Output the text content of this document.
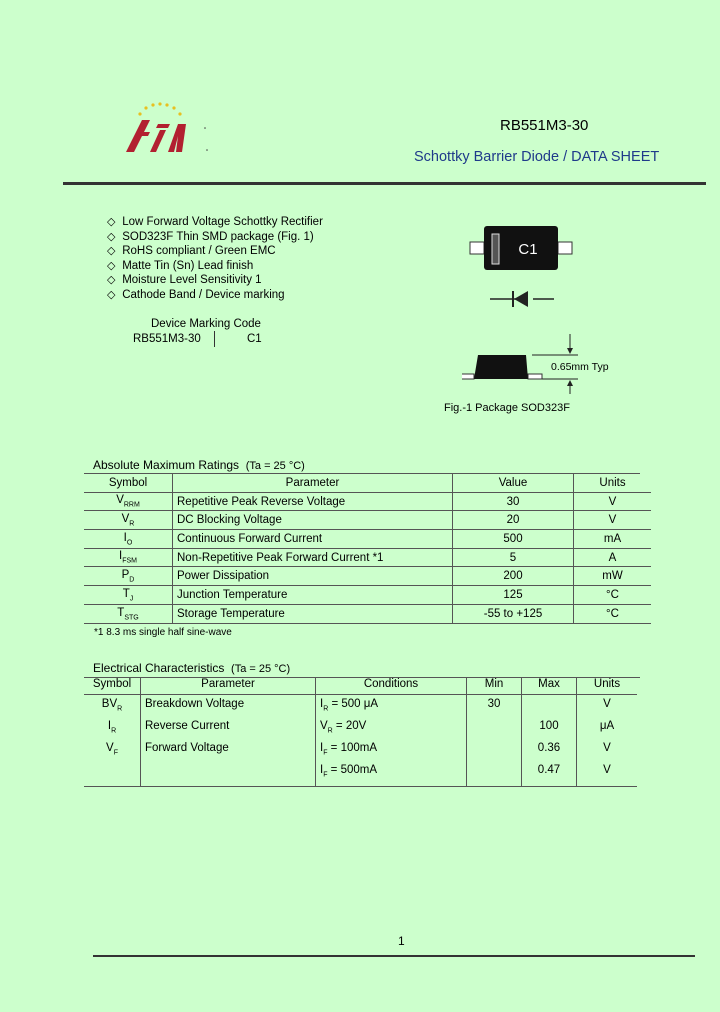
RB551M3-30
Schottky Barrier Diode / DATA SHEET
◇ Low Forward Voltage Schottky Rectifier
◇ SOD323F Thin SMD package (Fig. 1)
◇ RoHS compliant / Green EMC
◇ Matte Tin (Sn) Lead finish
◇ Moisture Level Sensitivity 1
◇ Cathode Band / Device marking
Device Marking Code
RB551M3-30	C1
C1
0.65mm Typ
Fig.-1 Package SOD323F
Absolute Maximum Ratings (Ta = 25 °C)
Symbol	Parameter	Value	Units
$V_{RRM}$	Repetitive Peak Reverse Voltage	30	V
$V_R$	DC Blocking Voltage	20	V
$I_O$	Continuous Forward Current	500	mA
$I_{FSM}$	Non-Repetitive Peak Forward Current *1	5	A
$P_D$	Power Dissipation	200	mW
$T_J$	Junction Temperature	125	°C
$T_{STG}$	Storage Temperature	-55 to +125	°C
*1 8.3 ms single half sine-wave
Electrical Characteristics (Ta = 25 °C)
Symbol	Parameter	Conditions	Min	Max	Units
$BV_R$	Breakdown Voltage	$I_R = 500$ μA	30		V
$I_R$	Reverse Current	$V_R = 20V$		100	μA
$V_F$	Forward Voltage	$I_F = 100mA$		0.36	V
		$I_F = 500mA$		0.47	V
1
